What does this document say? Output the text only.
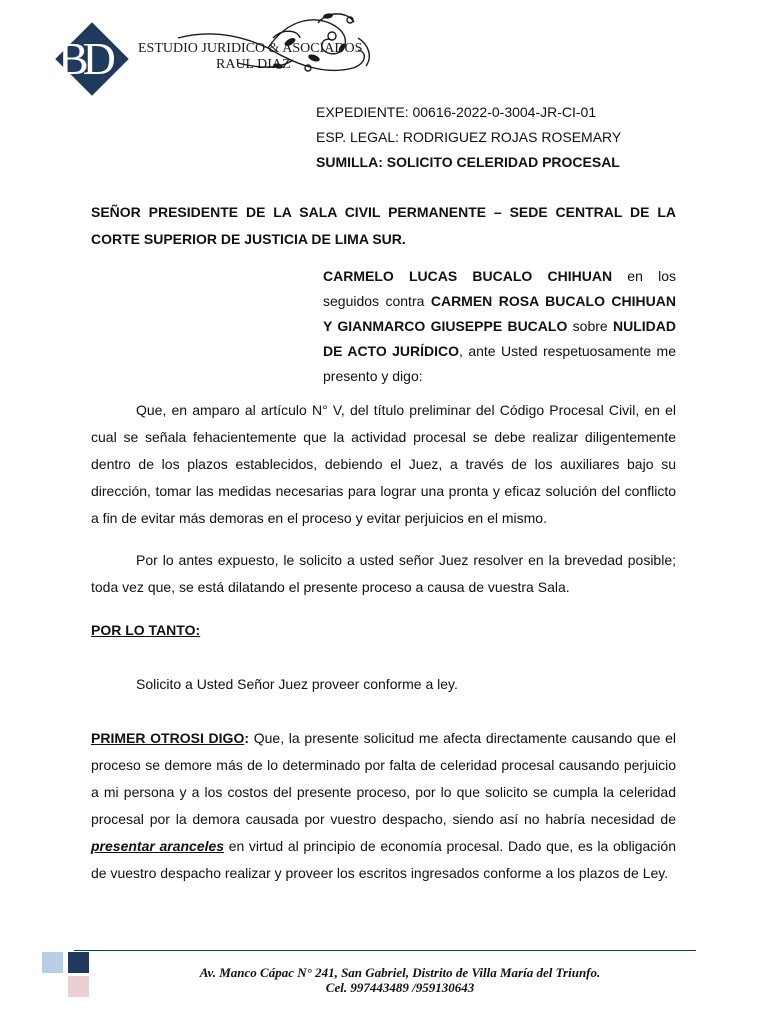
BD	ESTUDIO JURIDICO & ASOCIADOS
RAUL DIAZ
EXPEDIENTE: 00616-2022-0-3004-JR-CI-01
ESP. LEGAL: RODRIGUEZ ROJAS ROSEMARY
SUMILLA: SOLICITO CELERIDAD PROCESAL
SEÑOR PRESIDENTE DE LA SALA CIVIL PERMANENTE – SEDE CENTRAL DE LA CORTE SUPERIOR DE JUSTICIA DE LIMA SUR.
CARMELO LUCAS BUCALO CHIHUAN en los seguidos contra CARMEN ROSA BUCALO CHIHUAN Y GIANMARCO GIUSEPPE BUCALO sobre NULIDAD DE ACTO JURÍDICO, ante Usted respetuosamente me presento y digo:
Que, en amparo al artículo N° V, del título preliminar del Código Procesal Civil, en el cual se señala fehacientemente que la actividad procesal se debe realizar diligentemente dentro de los plazos establecidos, debiendo el Juez, a través de los auxiliares bajo su dirección, tomar las medidas necesarias para lograr una pronta y eficaz solución del conflicto a fin de evitar más demoras en el proceso y evitar perjuicios en el mismo.
Por lo antes expuesto, le solicito a usted señor Juez resolver en la brevedad posible; toda vez que, se está dilatando el presente proceso a causa de vuestra Sala.
POR LO TANTO:
Solicito a Usted Señor Juez proveer conforme a ley.
PRIMER OTROSI DIGO: Que, la presente solicitud me afecta directamente causando que el proceso se demore más de lo determinado por falta de celeridad procesal causando perjuicio a mi persona y a los costos del presente proceso, por lo que solicito se cumpla la celeridad procesal por la demora causada por vuestro despacho, siendo así no habría necesidad de presentar aranceles en virtud al principio de economía procesal. Dado que, es la obligación de vuestro despacho realizar y proveer los escritos ingresados conforme a los plazos de Ley.
Av. Manco Cápac N° 241, San Gabriel, Distrito de Villa María del Triunfo.
Cel. 997443489 /959130643
